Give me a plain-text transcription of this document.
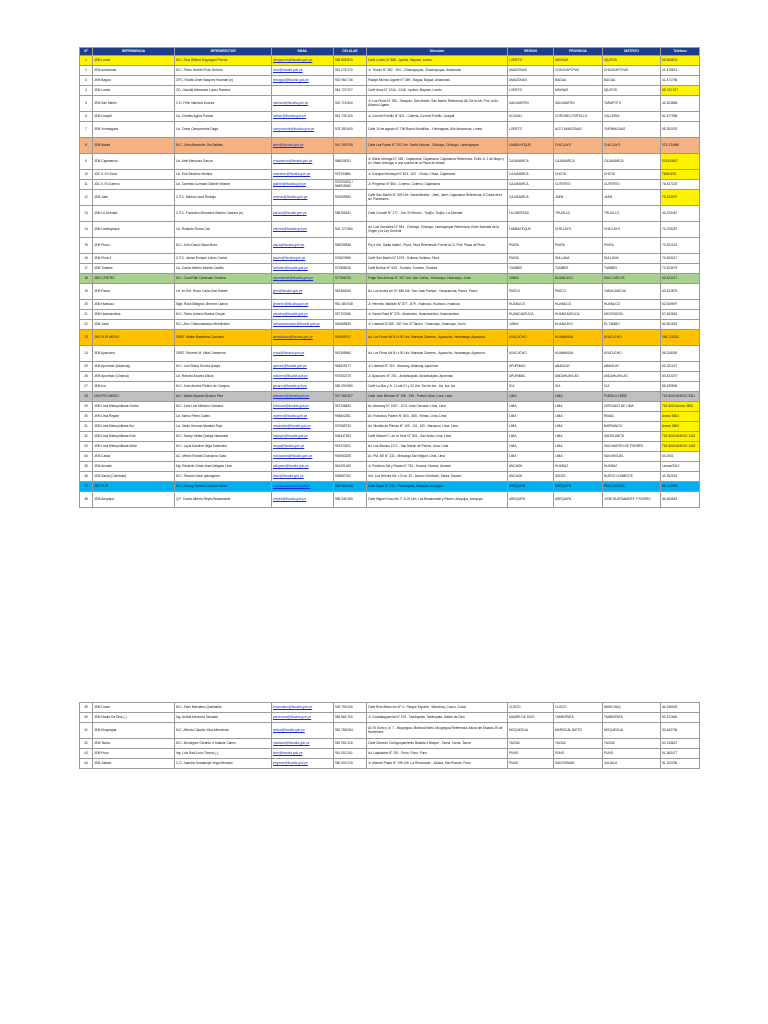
N°	DEPENDENCIA	JEFE/DIRECTOR	EMAIL	CELULAR	Dirección	REGION	PROVINCIA	DISTRITO	Teléfono
1	JEM Loreto	M.C. Dino Wilbert Dagnegari Pinedo	dinogloreto@fiscalia.gob.pe	965 605 819	Calle Loreto N° 888 - Iquitos, Maynas, Loreto	LORETO	MAYNAS	IQUITOS	65-506876
2	JEM Amazonas	M.C. Pedro Herbert Ruiz Herrera	amz@fiscalia.gob.pe	951 076 376	Jr. Triunfo N° 392 - 394 - Chachapoyas, Chachapoyas, Amazonas	AMAZONAS	CHACHAPOYAS	CHACHAPOYAS	41-478813
3	JEM Bagua	CPC. Rosilio Amet Vasquez Huaman (e)	jemagua@fiscalia.gob.pe	932 964 736	Pasaje Alfonso Ugarte N° 369 - Bagua, Bagua, Amazonas	AMAZONAS	BAGUA	BAGUA	41-471756
4	JEM Loreto	CD. Claudia Alexandra Lopez Ramirez		961 722 927	Calle Arica N° 1244 - 1246 - Iquitos, Maynas, Loreto	LORETO	MAYNAS	IQUITOS	65-722 927
5	JEM San Martín	C.D. Félix Valencia Linares	valencia@fiscalia.gob.pe	942 715 660	Jr. Los Pinos N° 295 - Tarapoto, San Martín, San Martín Referencia Alt. De la cdr. Prol. la Av. Alfonso Ugarte	SAN MARTIN	SAN MARTIN	TARAPOTO	42-523866
6	JEM Ucayali	Lic. Charles Aglloc Paucar	ucfiser@fiscalia.gob.pe	961 739 160	Jr. Coronel Portillo N° 821 - Calleria, Coronel Portillo, Ucayali	UCAYALI	CORONEL PORTILLO	CALLERIA	61-577958
7	JEM Yurimaguas	Lic. César Campoverde Daga	campoverde@fiscalia.gob.pe	978 283 605	Calle 10 de agosto N° 796 Barrio Moralillos - Yurimaguas, Alto Amazonas, Loreto	LORETO	ALTO AMAZONAS	YURIMAGUAS	65-352020
8	JEM Madre	M.C. John Alexander Jim Salinas	jemd@fiscalia.gob.pe	941 295 038	Calle Las Flores N° 202 Urb. Santa Victoria - Chiclayo, Chiclayo, Lambayeque	LAMBAYEQUE	CHICLAYO	CHICLAYO	074-234566
9	JEM Cajamarca I	Lic. Abel Mendoza García	cnsamborn@fiscalia.gob.pe	968039021	Jr. Mario Urteaga N° 283 - Cajamarca, Cajamarca, Cajamarca Referencia: Entre Jr. 2 de Mayo y Av. Mario Urteaga, a una cuadra de la Plaza de Armas	CAJAMARCA	CAJAMARCA	CAJAMARCA	076343847
10	JDC II. El Chota	Lic. Eva Sánchez Medina	esanchez@fiscalia.gob.pe	979794860	Jr. Ezequiel Montoya N° 621 - 627 - Chota, Chota, Cajamarca	CAJAMARCA	CHOTA	CHOTA	76351676
11	JDC II. El Cutervo	Lic. Carmela Luzmara Gabriel Velarde	gabriel@fiscalia.gob.pe	976290203 / 966915062	Jr. Progreso N° 864 - Cutervo, Cutervo, Cajamarca	CAJAMARCA	CUTERVO	CUTERVO	76-437220
12	JEM Jaén	C.P.C. Marina Ucea Rodrigo	mnbsar@fiscalia.gob.pe	976299593	Calle San Martín N° 309 Urb. Santa Beatriz - Jaén, Jaén, Cajamarca Referencia: 5 Cdras de la Av. Palomares	CAJAMARCA	JAEN	JAEN	76-433097
13	JEM La Libertad	C.P.C. Francisco Mercedes Bardón Cabrera (e)	bardon@fiscalia.gob.pe	998766151	Calle Corsalé N° 177 - Urb. El Recreo - Trujillo, Trujillo, La Libertad	LA LIBERTAD	TRUJILLO	TRUJILLO	44-223467
14	JEM Lambayeque	Lic. Rolando Flores Carí	mflores@fiscalia.gob.pe	942 173 960	Av. Luis Gonzales N° 944 - Chiclayo, Chiclayo, Lambayeque Referencia: Entre Avenida de la Virgen y la Ley General	LAMBAYEQUE	CHICLAYO	CHICLAYO	74-225287
15	JEM Piura I	M.C. John David Olaza Mora	olaza@fiscalia.gob.pe	996295536	Psj 4 Urb. Santa Isabel - Piura, Piura Referencia: Frente al CL Prof. Plaza de Piura	PIURA	PIURA	PIURA	73-321125
16	JEM Piura II	C.P.C. Janice Enrique Lubón Cossio	jsarrin@fiscalia.gob.pe	976620596	Calle San Martin N° 1229 - Sullana, Sullana, Piura	PIURA	SULLANA	SULLANA	73-503017
17	JEM Tumbes	Lic. Carlos Alberto Infante Castillo	cinfante@fiscalia.gob.pe	972968015	Calle Bolívar N° 649 - Tumbes, Tumbes, Tumbes	TUMBES	TUMBES	TUMBES	72-523975
18	JMS CENTRO	M.C. Cora Ruth Cardenas Córdova	mjcardenas@fiscalia.gob.pe	977366720	Psaje San Antonio N° 267 Urb. San Carlos - Huancayo, Huancayo, Junín	JUNIN	HUANCAYO	SAN CARLOS	64-421417
19	JEM Pasco	Lic. en Enf. Rocío Carla Jimo Rafael	jjmo@fiscalia.gob.pe	962384025	Av. Los Andes s/n N° 488 Urb. San Juan Pampa - Yanacancha, Pasco, Pasco	PASCO	PASCO	YANACANCHA	63-422875
20	JEM Huánuco	Mgtr. Rosa Milagros Jiménez Ladrón	jjimenez@fiscalia.gob.pe	981 380 938	Jr. Hermilio Valdizán N° 877 - 879 - Huánuco, Huánuco, Huánuco	HUANUCO	HUANUCO	HUANUCO	62-519597
21	JEM Huancavelica	M.C. Pedro Antonio Bustos Crispín	pbustos@fiscalia.gob.pe	957703156	Jr. Santa Rosa N° 376 - Ascensión, Huancavelica, Huancavelica	HUANCAVELICA	HUANCAVELICA	ASCENSION	67-453815
22	JEM Junín	M.C. Alex Chamoramarpo Mendivelso	achamoramarpo@fiscalia.gob.pe	962868539	Jr. Libertad N°455 - 457 Urb. El Tambo - Huancayo, Huancayo, Junín	JUNIN	HUANCAYO	EL TAMBO	64-501823
23	JMS SUR MEDIO	OBST. Walter Bastidano Cancario	wbastidano@fiscalia.gob.pe	951959707	Av. Los Pinos Mz B Lt 00 Urb. Mariscal Cáceres - Ayacucho, Huamanga, Ayacucho	AYACUCHO	HUAMANGA	AYACUCHO	066-315332
24	JEM Ayacucho	OBST. Roberto M. Vidal Camarena	rvidal@fiscalia.gob.pe	942395660	Av. Los Pinos Mz B Lt 00 Urb. Mariscal Cáceres - Ayacucho, Huamanga, Ayacucho	AYACUCHO	HUAMANGA	AYACUCHO	66-318030
25	JEM Apurímac (Abancay)	M.C. Luis Elisna Gomez Anaya	lgomez@fiscalia.gob.pe	984629177	Jr. Libertad N° 219 - Abancay, Abancay, Apurímac	APURIMAC	ABANCAY	ABANCAY	83-321247
26	JEM Apurímac (Chanka)	Lic. Richard Alvarez Allcca	ralvarez@fiscalia.gob.pe	975302175	Jr. Ayacucho N° 201 - Andahuaylas, Andahuaylas, Apurímac	APURIMAC	ANDAHUAYLAS	ANDAHUAYLAS	83-422270
27	JEM Ica	M.C. Juan Andrés Pizarro de Campos	jpizarro@fiscalia.gob.pe	956 299 580	Calle La Mar y Jr. 1 Lote 21 y 22 Urb. Sol de Ica - Ica, Ica, Ica	ICA	ICA	ICA	56-230806
28	CENTRO MEDIO	M.C. Walter Alpardo Álvarez Pino	walvarez@fiscalia.gob.pe	997 356 307	Calle José Mendes N° 198 - 199 - Pueblo Libre, Lima, Lima	LIMA	LIMA	PUEBLO LIBRE	716-5000 ANEXO 3311
29	JEM Lima Metropolitana Centro	M.C. José Luis Millones Gamarra	jmillones@fiscalia.gob.pe	957235632	Av. Abancay N° 1067 - 1071 Lima Cercado, Lima, Lima	LIMA	LIMA	CERCADO DE LIMA	716-5000 Anexo 3801
30	JEM Lima Región	Lic. Marco Pérez Castro	mperez@fiscalia.gob.pe	993842351	Av. Francisco Pizarro N° 803 - 805 - Rímac, Lima, Lima	LIMA	LIMA	RIMAC	Anexo 5801
31	JEM Lima Metropolitana Sur	Lic. Jacko Herman Maraldo Rojo	mmaraldo@fiscalia.gob.pe	937589733	Av. Nicolás de Piérola N° 109 - 101, 109 - Barranco, Lima, Lima	LIMA	LIMA	BARRANCO	Anexo 3801
32	JEM Lima Metropolitana Este	M.C. Nancy Yadira Quispe Navarrete	nquispe@fiscalia.gob.pe	936347353	Calle Manuel C. de la Torre N° 303 - San Anita, Lima, Lima	LIMA	LIMA	SANTA ANITA	716-5000 ANEXO 1422
33	JEM Lima Metropolitana Norte	M.C. Loyst Karolina Vega Saavedra	lvega@fiscalia.gob.pe	919223101	Av. Los Álamos 1271 - San Martín de Porres, Lima, Lima	LIMA	LIMA	SAN MARTIN DE PORRES	716-5000 ANEXO 1422
34	JEM Callao	AC. Melvin Ronald Chavarcía Cabo	mchavarria@fiscalia.gob.pe	952963235	Av. Pta. BE N° 232 - Miraunga San Miguel, Lima, Lima	LIMA	LIMA	SAN MIGUEL	64-0441
35	JEM Áncash	Mg. Eduardo César Jean Delgado León	jdelgado@fiscalia.gob.pe	961091183	Jr. Federico Sal y Rosas N° 751 - Huaraz, Huaraz, Áncash	ANCASH	HUARAZ	HUARAZ	Lineas/3310
36	JEM Santa (Chimbote)	M.C. Ricardo Dave Ipanaguirre	dave@fiscalia.gob.pe	939687322	Urb. Los Héroes Mz. L3 Lte. 87 - Nuevo Chimbote, Santa, Áncash	ANCASH	SANTA	NUEVO CHIMBOTE	43-352015
37	JMS SUR	M.C. Antony Herbert Ceballos Mesa	aceballos@fiscalia.gob.pe	955 554 545	Calle Sipán N° 310 - Paucarpata, Arequipa, Arequipa	AREQUIPA	AREQUIPA	PAUCARPATA	54-254069
38	JEM Arequipa	Q.F. Carlos Alberto Reyes Bustamante	creyes@fiscalia.gob.pe	958 346 355	Calle Miguel Grau Mz. F 1t 20 Urb. Los Bustamante y Rivero, Arequipa, Arequipa	AREQUIPA	AREQUIPA	JOSE BUSTAMANTE Y RIVERO	54-643815
39	JEM Cusco	M.C. Elser Marcialeo Quinfasilla	emarcialeo@fiscalia.gob.pe	925 799 446	Calle Ruiz Alfaro s/n Nº 4 - Parque España - Wanchaq, Cusco, Cusco	CUSCO	CUSCO	WANCHAQ	84-236049
40	JEM Madre De Dios (-)	Ing. Aníbal Arenuera Taboada	aarenuera@fiscalia.gob.pe	982 864 750	Jr. Cuntalaqquecha N° 375 - Tambopata, Tambopata, Madre de Dios	MADRE DE DIOS	TAMBOPATA	TAMBOPATA	82-571660
41	JEM Moquegua	M.C. Alfredo Claudio Vilca Alfonsinda	avilca@fiscalia.gob.pe	952 758 054	Av. El Golfo y Jr. 7 - Moquegua, Mariscal Nieto, Moquegua Referencia: Altura del Estadio 25 de Noviembre	MOQUEGUA	MARISCAL NIETO	MOQUEGUA	53-463736
42	JEM Tacna	M.C. Monsignor Gerardo Ir Salazar Calero	msalazar@fiscalia.gob.pe	952 952 416	Calle Gerardo Cid Agrupamiento Brasilia 4 Bloque - Tacna, Tacna, Tacna	TACNA	TACNA	TACNA	52-243627
43	JEM Puno	Ing. Luis Raúl León Ticona (-)	leon@fiscalia.gob.pe	951 002 341	Av. Laykakota N° 291 - Puno, Puno, Puno	PUNO	PUNO	PUNO	51-363477
44	JEM Juliaca	C.D. Juandra Guadalupe Vega Mercado	vegame@fiscalia.gob.pe	950 402 015	Jr. Manuel Prado N° 195 Urb. La Rinconada - Juliaca, San Román, Puno	PUNO	SAN ROMAN	JULIACA	51-322296
